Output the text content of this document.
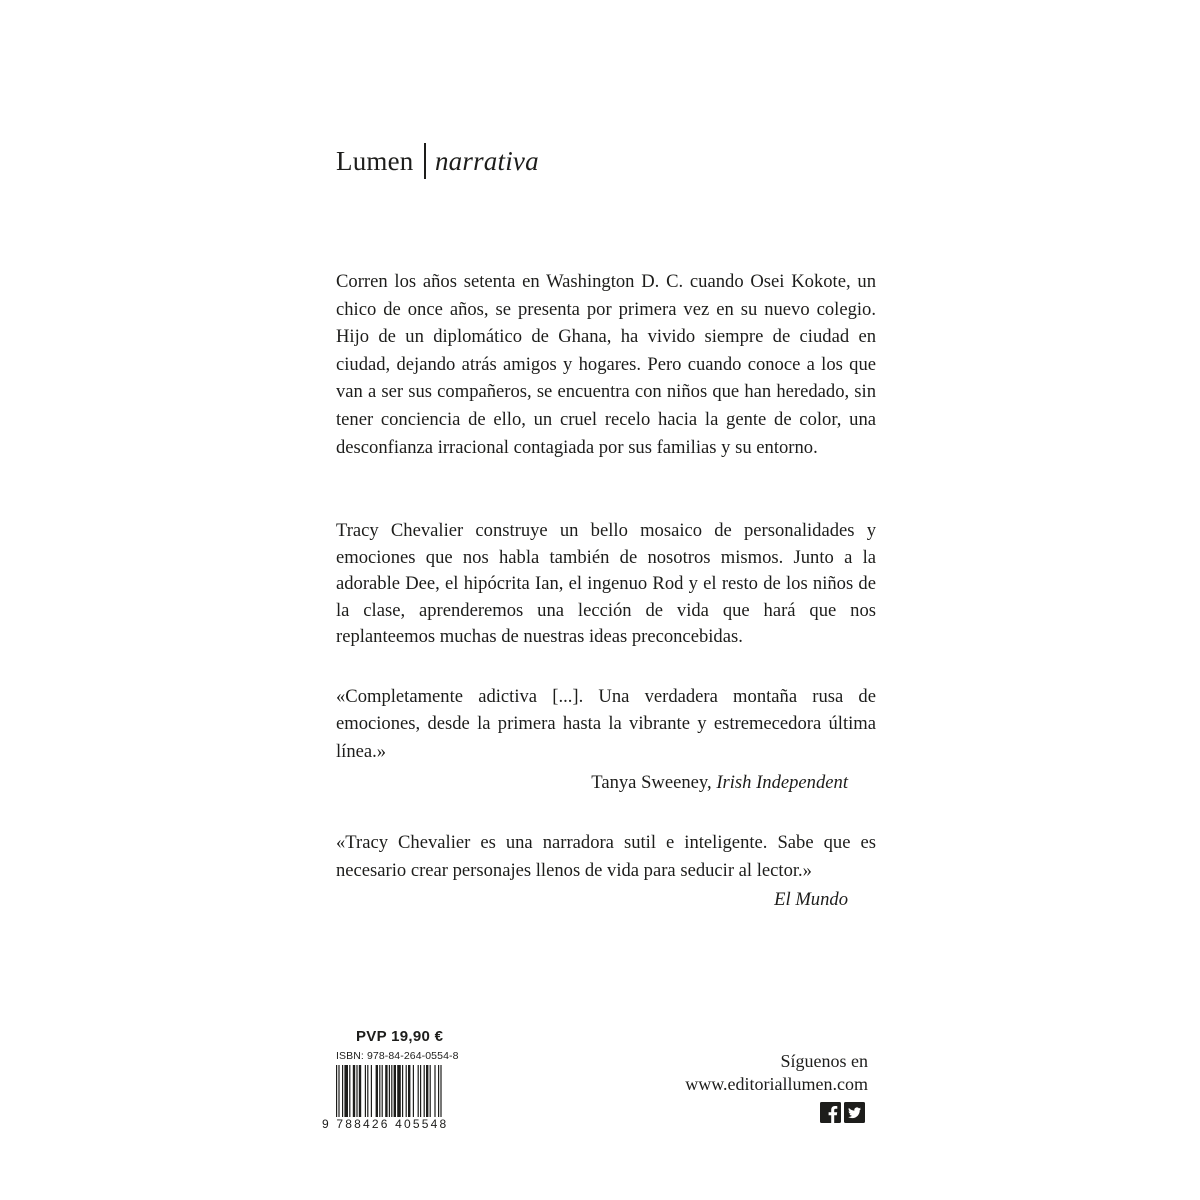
Lumen narrativa

Corren los años setenta en Washington D. C. cuando Osei Kokote, un chico de once años, se presenta por primera vez en su nuevo colegio. Hijo de un diplomático de Ghana, ha vivido siempre de ciudad en ciudad, dejando atrás amigos y hogares. Pero cuando conoce a los que van a ser sus compañeros, se encuentra con niños que han heredado, sin tener conciencia de ello, un cruel recelo hacia la gente de color, una desconfianza irracional contagiada por sus familias y su entorno.

Tracy Chevalier construye un bello mosaico de personalidades y emociones que nos habla también de nosotros mismos. Junto a la adorable Dee, el hipócrita Ian, el ingenuo Rod y el resto de los niños de la clase, aprenderemos una lección de vida que hará que nos replanteemos muchas de nuestras ideas preconcebidas.

«Completamente adictiva [...]. Una verdadera montaña rusa de emociones, desde la primera hasta la vibrante y estremecedora última línea.»
Tanya Sweeney, Irish Independent
«Tracy Chevalier es una narradora sutil e inteligente. Sabe que es necesario crear personajes llenos de vida para seducir al lector.»
El Mundo
PVP 19,90 €
ISBN: 978-84-264-0554-8
9 788426 405548
Síguenos en
www.editoriallumen.com
